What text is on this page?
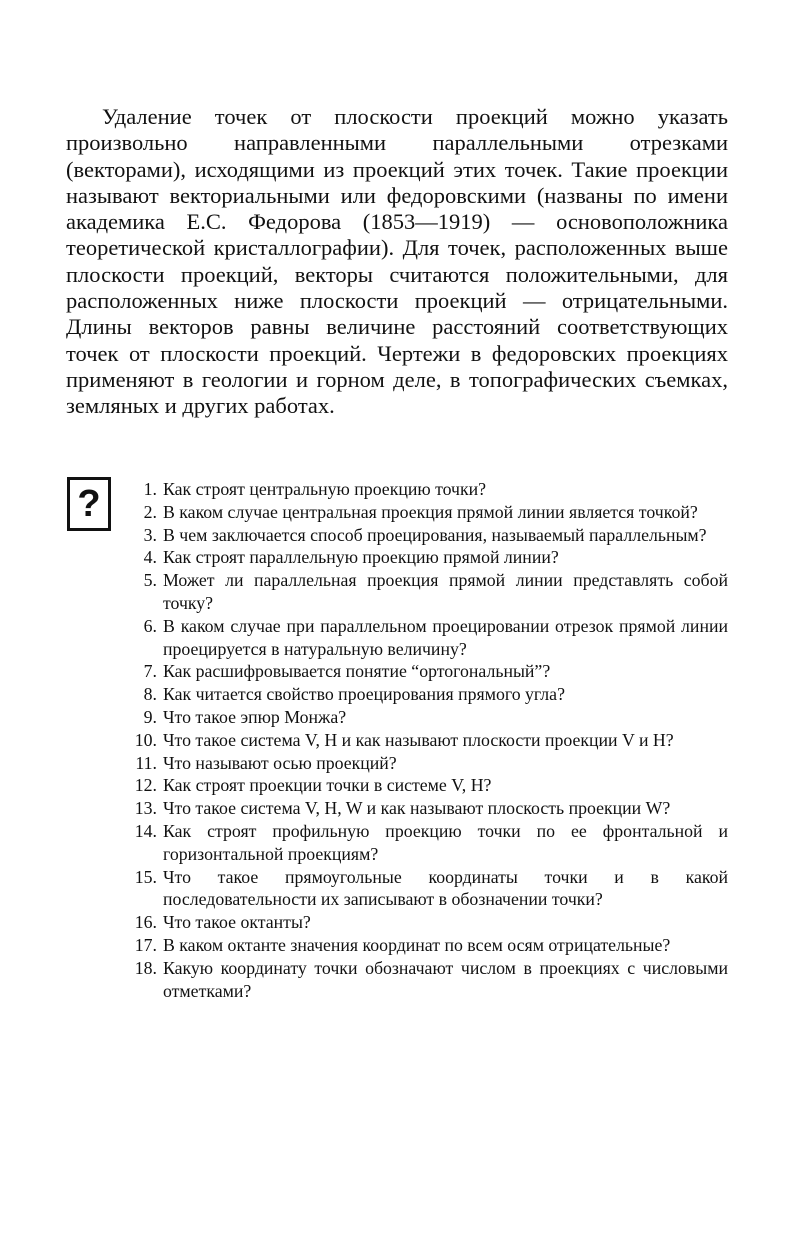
Удаление точек от плоскости проекций можно указать произвольно направленными параллельными отрезками (векторами), исходящими из проекций этих точек. Такие проекции называют векториальными или федоровскими (названы по имени академика Е.С. Федорова (1853—1919) — основоположника теоретической кристаллографии). Для точек, расположенных выше плоскости проекций, векторы считаются положительными, для расположенных ниже плоскости проекций — отрицательными. Длины векторов равны величине расстояний соответствующих точек от плоскости проекций. Чертежи в федоровских проекциях применяют в геологии и горном деле, в топографических съемках, земляных и других работах.

?	1. Как строят центральную проекцию точки?
2. В каком случае центральная проекция прямой линии является точкой?
3. В чем заключается способ проецирования, называемый параллельным?
4. Как строят параллельную проекцию прямой линии?
5. Может ли параллельная проекция прямой линии представлять собой точку?
6. В каком случае при параллельном проецировании отрезок прямой линии проецируется в натуральную величину?
7. Как расшифровывается понятие “ортогональный”?
8. Как читается свойство проецирования прямого угла?
9. Что такое эпюр Монжа?
10. Что такое система V, H и как называют плоскости проекции V и H?
11. Что называют осью проекций?
12. Как строят проекции точки в системе V, H?
13. Что такое система V, H, W и как называют плоскость проекции W?
14. Как строят профильную проекцию точки по ее фронтальной и горизонтальной проекциям?
15. Что такое прямоугольные координаты точки и в какой последовательности их записывают в обозначении точки?
16. Что такое октанты?
17. В каком октанте значения координат по всем осям отрицательные?
18. Какую координату точки обозначают числом в проекциях с числовыми отметками?
